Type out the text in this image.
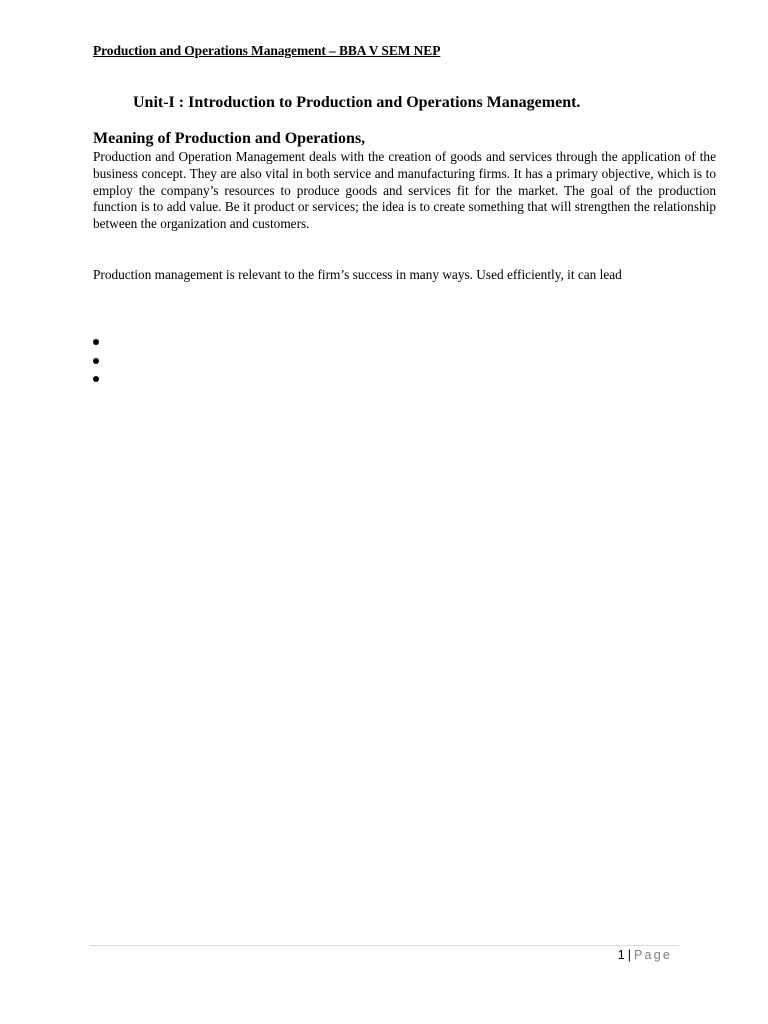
Production and Operations Management – BBA V SEM NEP
Unit-I : Introduction to Production and Operations Management.
Meaning of Production and Operations,

Production and Operation Management deals with the creation of goods and services through the application of the business concept. They are also vital in both service and manufacturing firms. It has a primary objective, which is to employ the company’s resources to produce goods and services fit for the market. The goal of the production function is to add value. Be it product or services; the idea is to create something that will strengthen the relationship between the organization and customers.

Production management is relevant to the firm’s success in many ways. Used efficiently, it can lead

1 | Page
